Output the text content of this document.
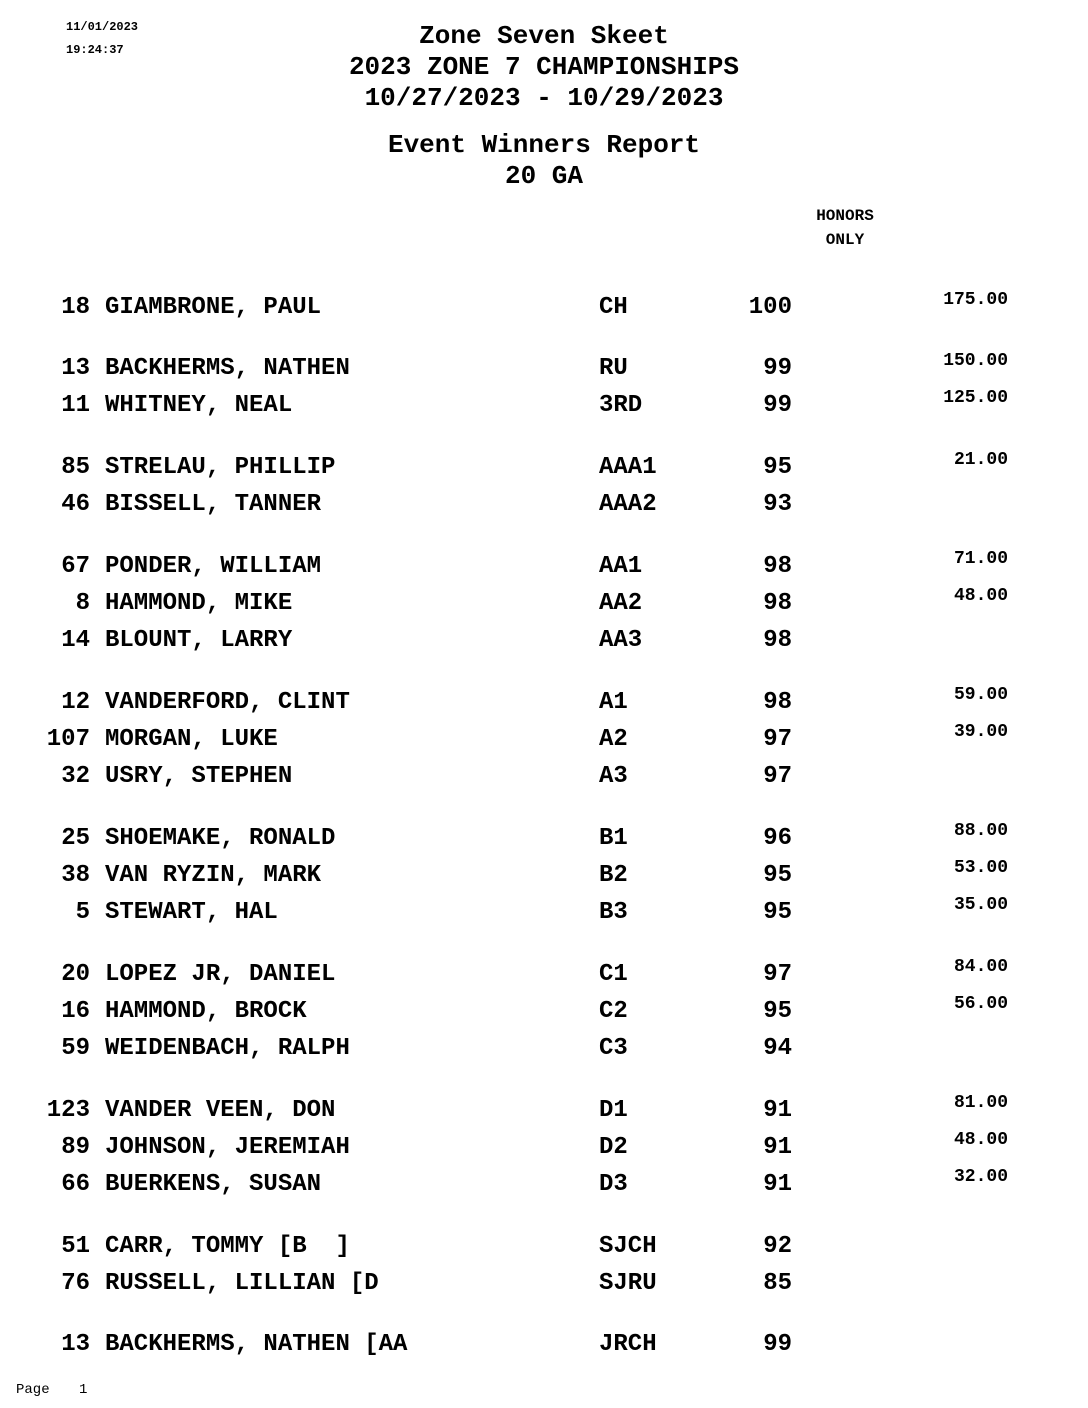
11/01/2023
19:24:37	Zone Seven Skeet
2023 ZONE 7 CHAMPIONSHIPS
10/27/2023 - 10/29/2023
Event Winners Report
20 GA
HONORS
ONLY
18 GIAMBRONE, PAUL	CH	100	175.00
13 BACKHERMS, NATHEN	RU	99	150.00
11 WHITNEY, NEAL	3RD	99	125.00
85 STRELAU, PHILLIP	AAA1	95	21.00
46 BISSELL, TANNER	AAA2	93
67 PONDER, WILLIAM	AA1	98	71.00
8 HAMMOND, MIKE	AA2	98	48.00
14 BLOUNT, LARRY	AA3	98
12 VANDERFORD, CLINT	A1	98	59.00
107 MORGAN, LUKE	A2	97	39.00
32 USRY, STEPHEN	A3	97
25 SHOEMAKE, RONALD	B1	96	88.00
38 VAN RYZIN, MARK	B2	95	53.00
5 STEWART, HAL	B3	95	35.00
20 LOPEZ JR, DANIEL	C1	97	84.00
16 HAMMOND, BROCK	C2	95	56.00
59 WEIDENBACH, RALPH	C3	94
123 VANDER VEEN, DON	D1	91	81.00
89 JOHNSON, JEREMIAH	D2	91	48.00
66 BUERKENS, SUSAN	D3	91	32.00
51 CARR, TOMMY [B  ]	SJCH	92
76 RUSSELL, LILLIAN [D	SJRU	85
13 BACKHERMS, NATHEN [AA	JRCH	99
Page 1
